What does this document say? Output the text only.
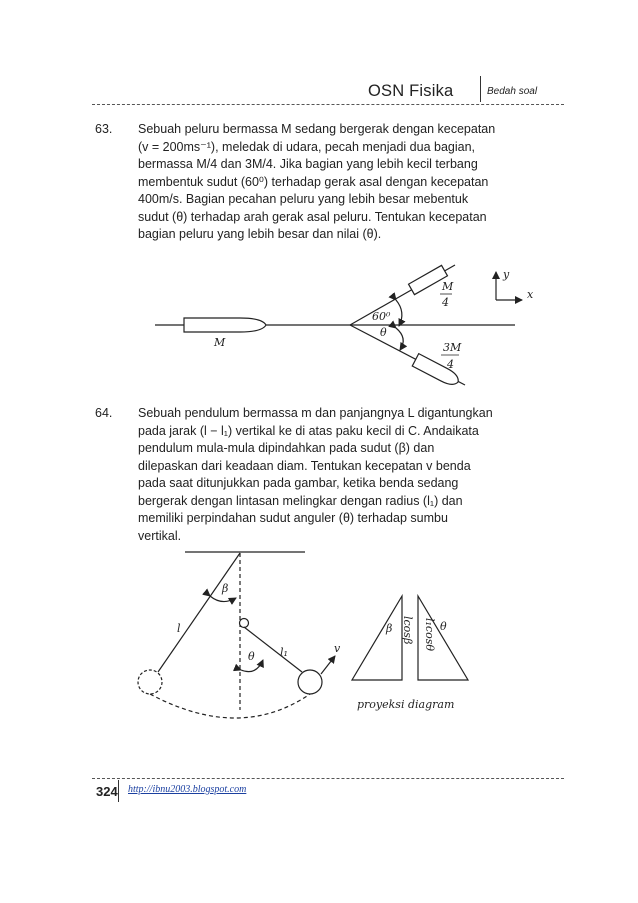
OSN Fisika	Bedah soal
63. Sebuah peluru bermassa M sedang bergerak dengan kecepatan

(v = 200ms⁻¹), meledak di udara, pecah menjadi dua bagian,

bermassa M/4 dan 3M/4. Jika bagian yang lebih kecil terbang

membentuk sudut (60⁰) terhadap gerak asal dengan kecepatan

400m/s. Bagian pecahan peluru yang lebih besar mebentuk

sudut (θ) terhadap arah gerak asal peluru. Tentukan kecepatan

bagian peluru yang lebih besar dan nilai (θ).

64. Sebuah pendulum bermassa m dan panjangnya L digantungkan

pada jarak (l − l₁) vertikal ke di atas paku kecil di C. Andaikata

pendulum mula-mula dipindahkan pada sudut (β) dan

dilepaskan dari keadaan diam. Tentukan kecepatan v benda

pada saat ditunjukkan pada gambar, ketika benda sedang

bergerak dengan lintasan melingkar dengan radius (l₁) dan

memiliki perpindahan sudut anguler (θ) terhadap sumbu

vertikal.

M
M
4
3M
4
60⁰
θ
y
x
β
l
θ l₁	v
β lcosβ θ
l₁cosθ
proyeksi diagram
324 http://ibnu2003.blogspot.com
